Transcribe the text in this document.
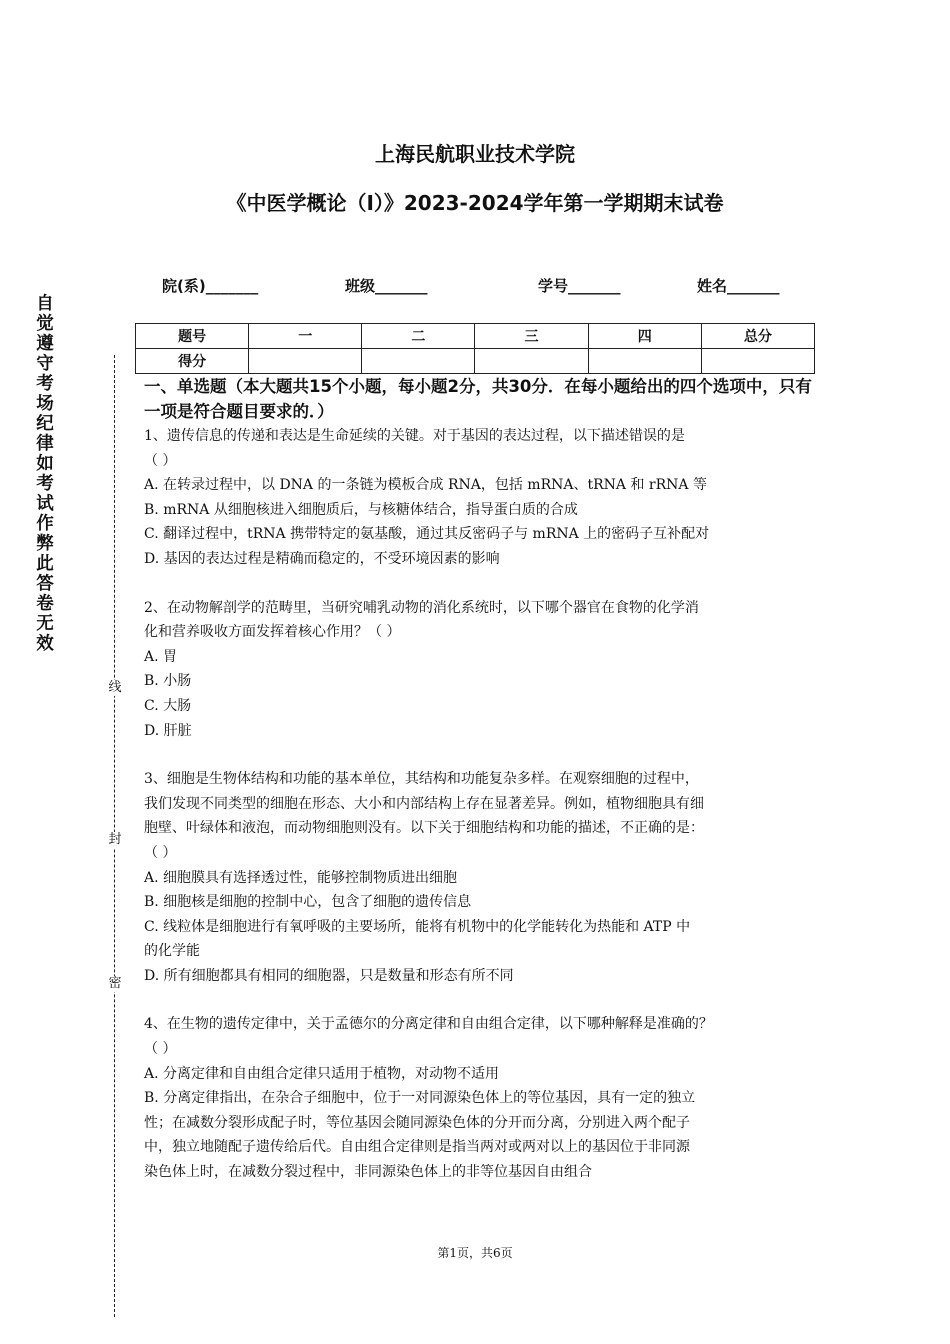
自觉遵守考场纪律如考试作弊此答卷无效
线
封
密
上海民航职业技术学院
《中医学概论（Ⅰ）》2023-2024学年第一学期期末试卷
院(系)_______	班级_______	学号_______	姓名_______
题号	一	二	三	四	总分
得分					

一、单选题（本大题共15个小题，每小题2分，共30分．在每小题给出的四个选项中，只有一项是符合题目要求的．）

1、遗传信息的传递和表达是生命延续的关键。对于基因的表达过程，以下描述错误的是

（ ）

A. 在转录过程中，以 DNA 的一条链为模板合成 RNA，包括 mRNA、tRNA 和 rRNA 等

B. mRNA 从细胞核进入细胞质后，与核糖体结合，指导蛋白质的合成

C. 翻译过程中，tRNA 携带特定的氨基酸，通过其反密码子与 mRNA 上的密码子互补配对

D. 基因的表达过程是精确而稳定的，不受环境因素的影响

2、在动物解剖学的范畴里，当研究哺乳动物的消化系统时，以下哪个器官在食物的化学消

化和营养吸收方面发挥着核心作用？（ ）

A. 胃

B. 小肠

C. 大肠

D. 肝脏

3、细胞是生物体结构和功能的基本单位，其结构和功能复杂多样。在观察细胞的过程中，

我们发现不同类型的细胞在形态、大小和内部结构上存在显著差异。例如，植物细胞具有细

胞壁、叶绿体和液泡，而动物细胞则没有。以下关于细胞结构和功能的描述，不正确的是：

（ ）

A. 细胞膜具有选择透过性，能够控制物质进出细胞

B. 细胞核是细胞的控制中心，包含了细胞的遗传信息

C. 线粒体是细胞进行有氧呼吸的主要场所，能将有机物中的化学能转化为热能和 ATP 中

的化学能

D. 所有细胞都具有相同的细胞器，只是数量和形态有所不同

4、在生物的遗传定律中，关于孟德尔的分离定律和自由组合定律，以下哪种解释是准确的？

（ ）

A. 分离定律和自由组合定律只适用于植物，对动物不适用

B. 分离定律指出，在杂合子细胞中，位于一对同源染色体上的等位基因，具有一定的独立

性；在减数分裂形成配子时，等位基因会随同源染色体的分开而分离，分别进入两个配子

中，独立地随配子遗传给后代。自由组合定律则是指当两对或两对以上的基因位于非同源

染色体上时，在减数分裂过程中，非同源染色体上的非等位基因自由组合

第1页，共6页
